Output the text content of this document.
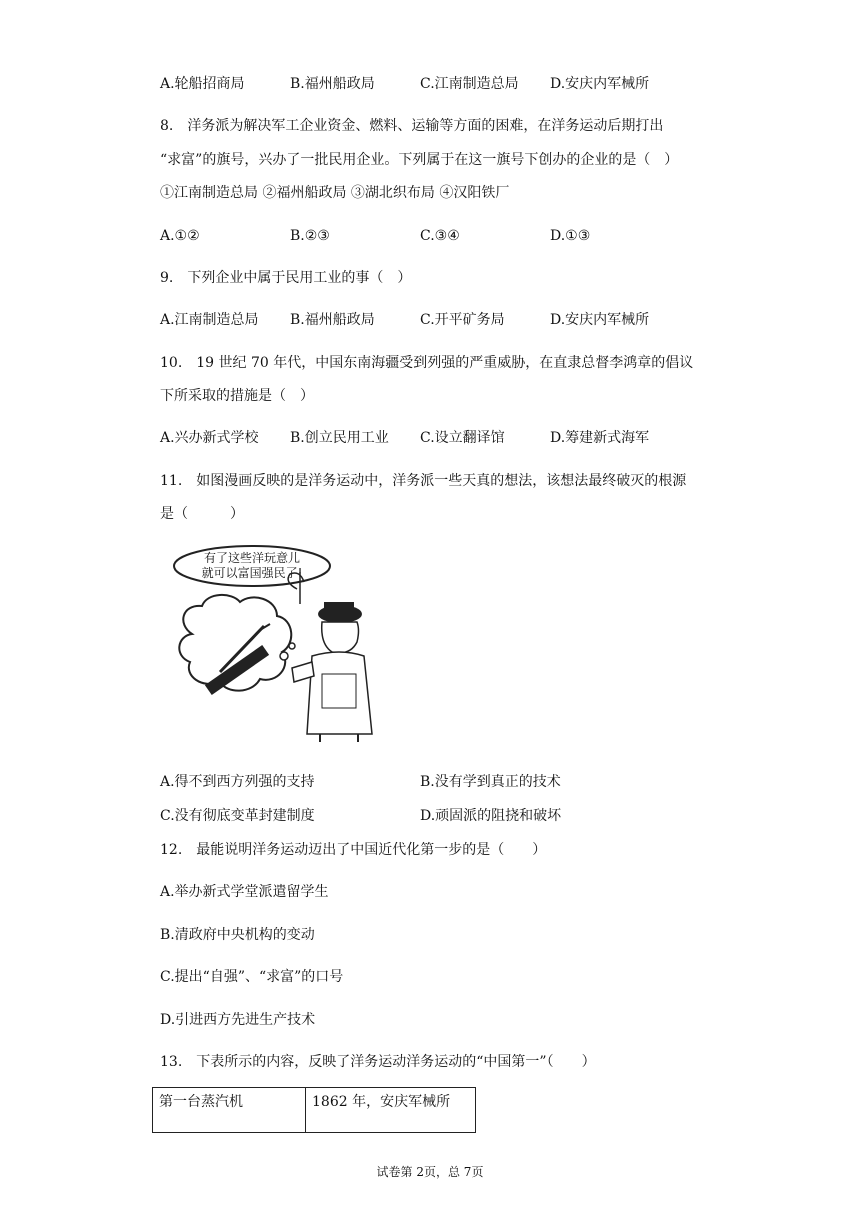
A.轮船招商局	B.福州船政局	C.江南制造总局 D.安庆内军械所
8.　洋务派为解决军工企业资金、燃料、运输等方面的困难，在洋务运动后期打出
“求富”的旗号，兴办了一批民用企业。下列属于在这一旗号下创办的企业的是（　）
①江南制造总局 ②福州船政局 ③湖北织布局 ④汉阳铁厂
A.①②	B.②③	C.③④	D.①③
9.　下列企业中属于民用工业的事（　）
A.江南制造总局 B.福州船政局	C.开平矿务局	D.安庆内军械所
10.　19 世纪 70 年代，中国东南海疆受到列强的严重威胁，在直隶总督李鸿章的倡议
下所采取的措施是（　）
A.兴办新式学校 B.创立民用工业 C.设立翻译馆	D.筹建新式海军
11.　如图漫画反映的是洋务运动中，洋务派一些天真的想法，该想法最终破灭的根源
是（　　　）
有了这些洋玩意儿
就可以富国强民了!
A.得不到西方列强的支持	B.没有学到真正的技术
C.没有彻底变革封建制度	D.顽固派的阻挠和破坏
12.　最能说明洋务运动迈出了中国近代化第一步的是（　　）
A.举办新式学堂派遣留学生
B.清政府中央机构的变动
C.提出“自强”、“求富”的口号
D.引进西方先进生产技术
13.　下表所示的内容，反映了洋务运动洋务运动的“中国第一”（　　）
第一台蒸汽机	1862 年，安庆军械所
试卷第 2页，总 7页
